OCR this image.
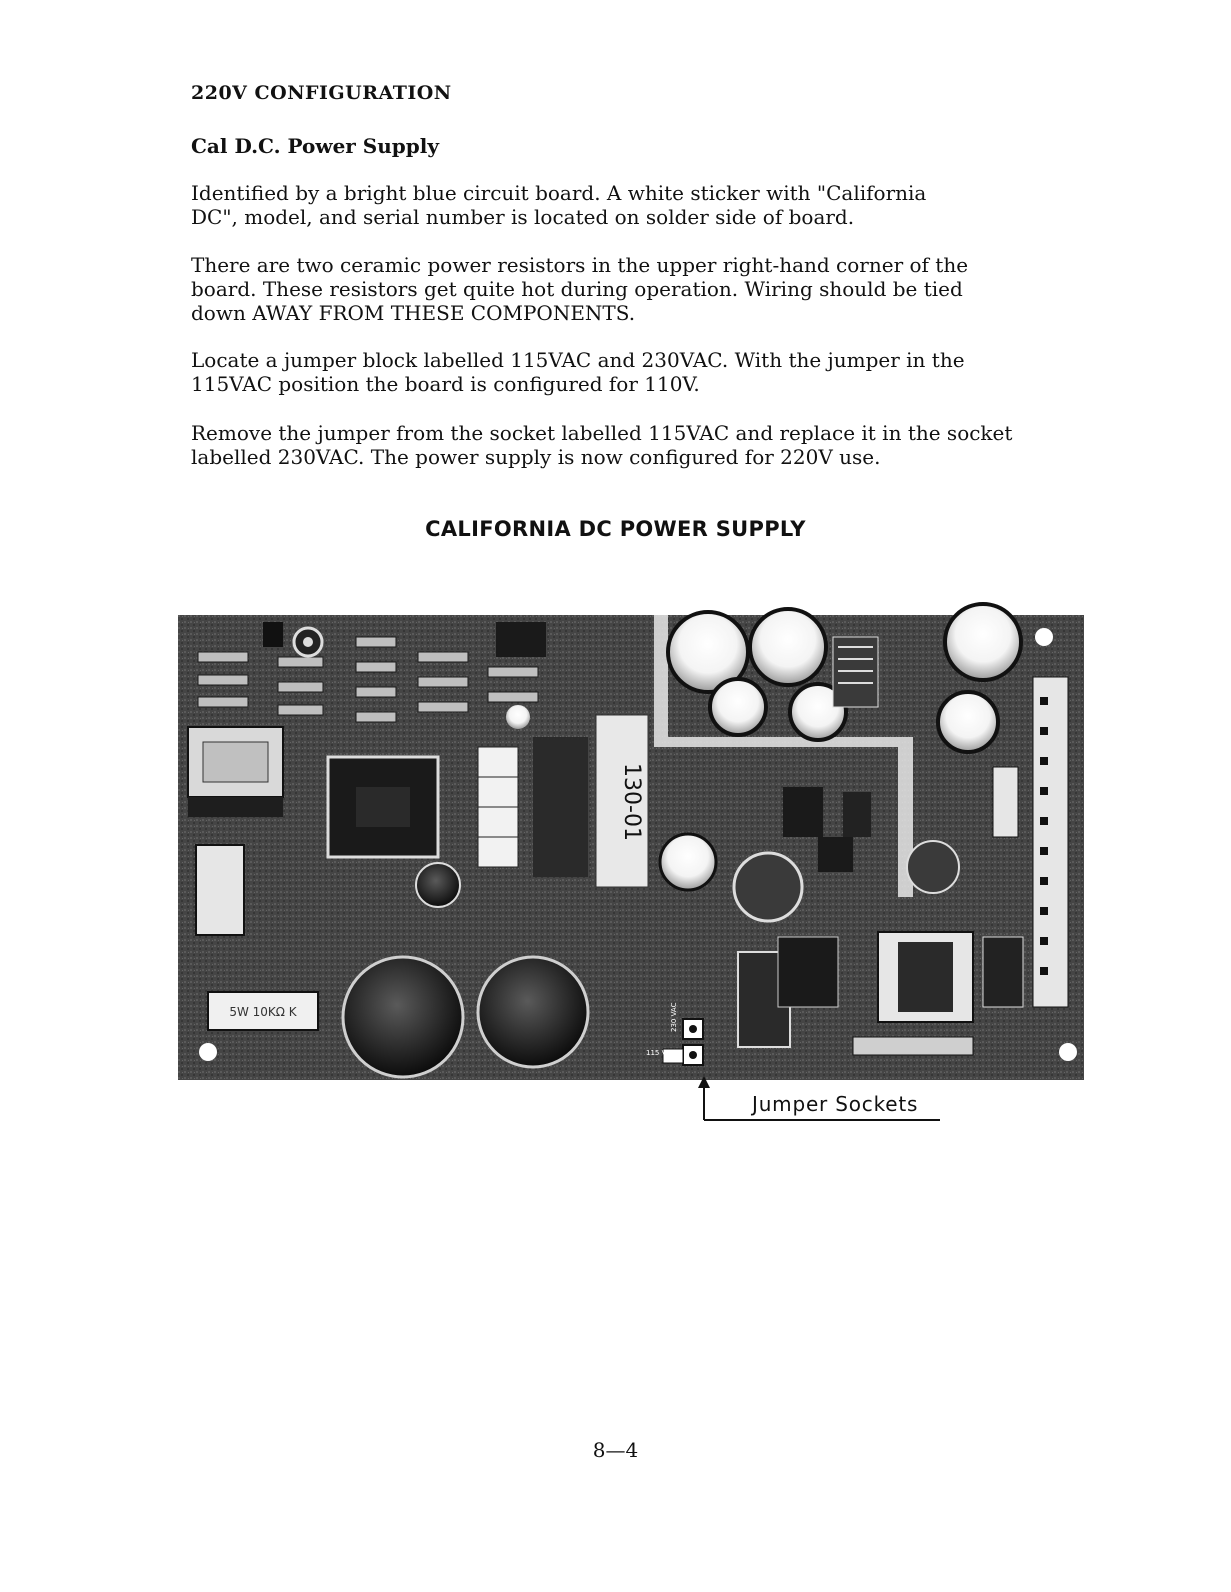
220V CONFIGURATION
Cal D.C. Power Supply
Identified by a bright blue circuit board. A white sticker with "California
DC", model, and serial number is located on solder side of board.
There are two ceramic power resistors in the upper right-hand corner of the
board. These resistors get quite hot during operation. Wiring should be tied
down AWAY FROM THESE COMPONENTS.
Locate a jumper block labelled 115VAC and 230VAC. With the jumper in the
115VAC position the board is configured for 110V.
Remove the jumper from the socket labelled 115VAC and replace it in the socket
labelled 230VAC. The power supply is now configured for 220V use.
CALIFORNIA DC POWER SUPPLY
5W 10KΩ K
130-01
230 VAC
115 VAC
Jumper Sockets
8—4
